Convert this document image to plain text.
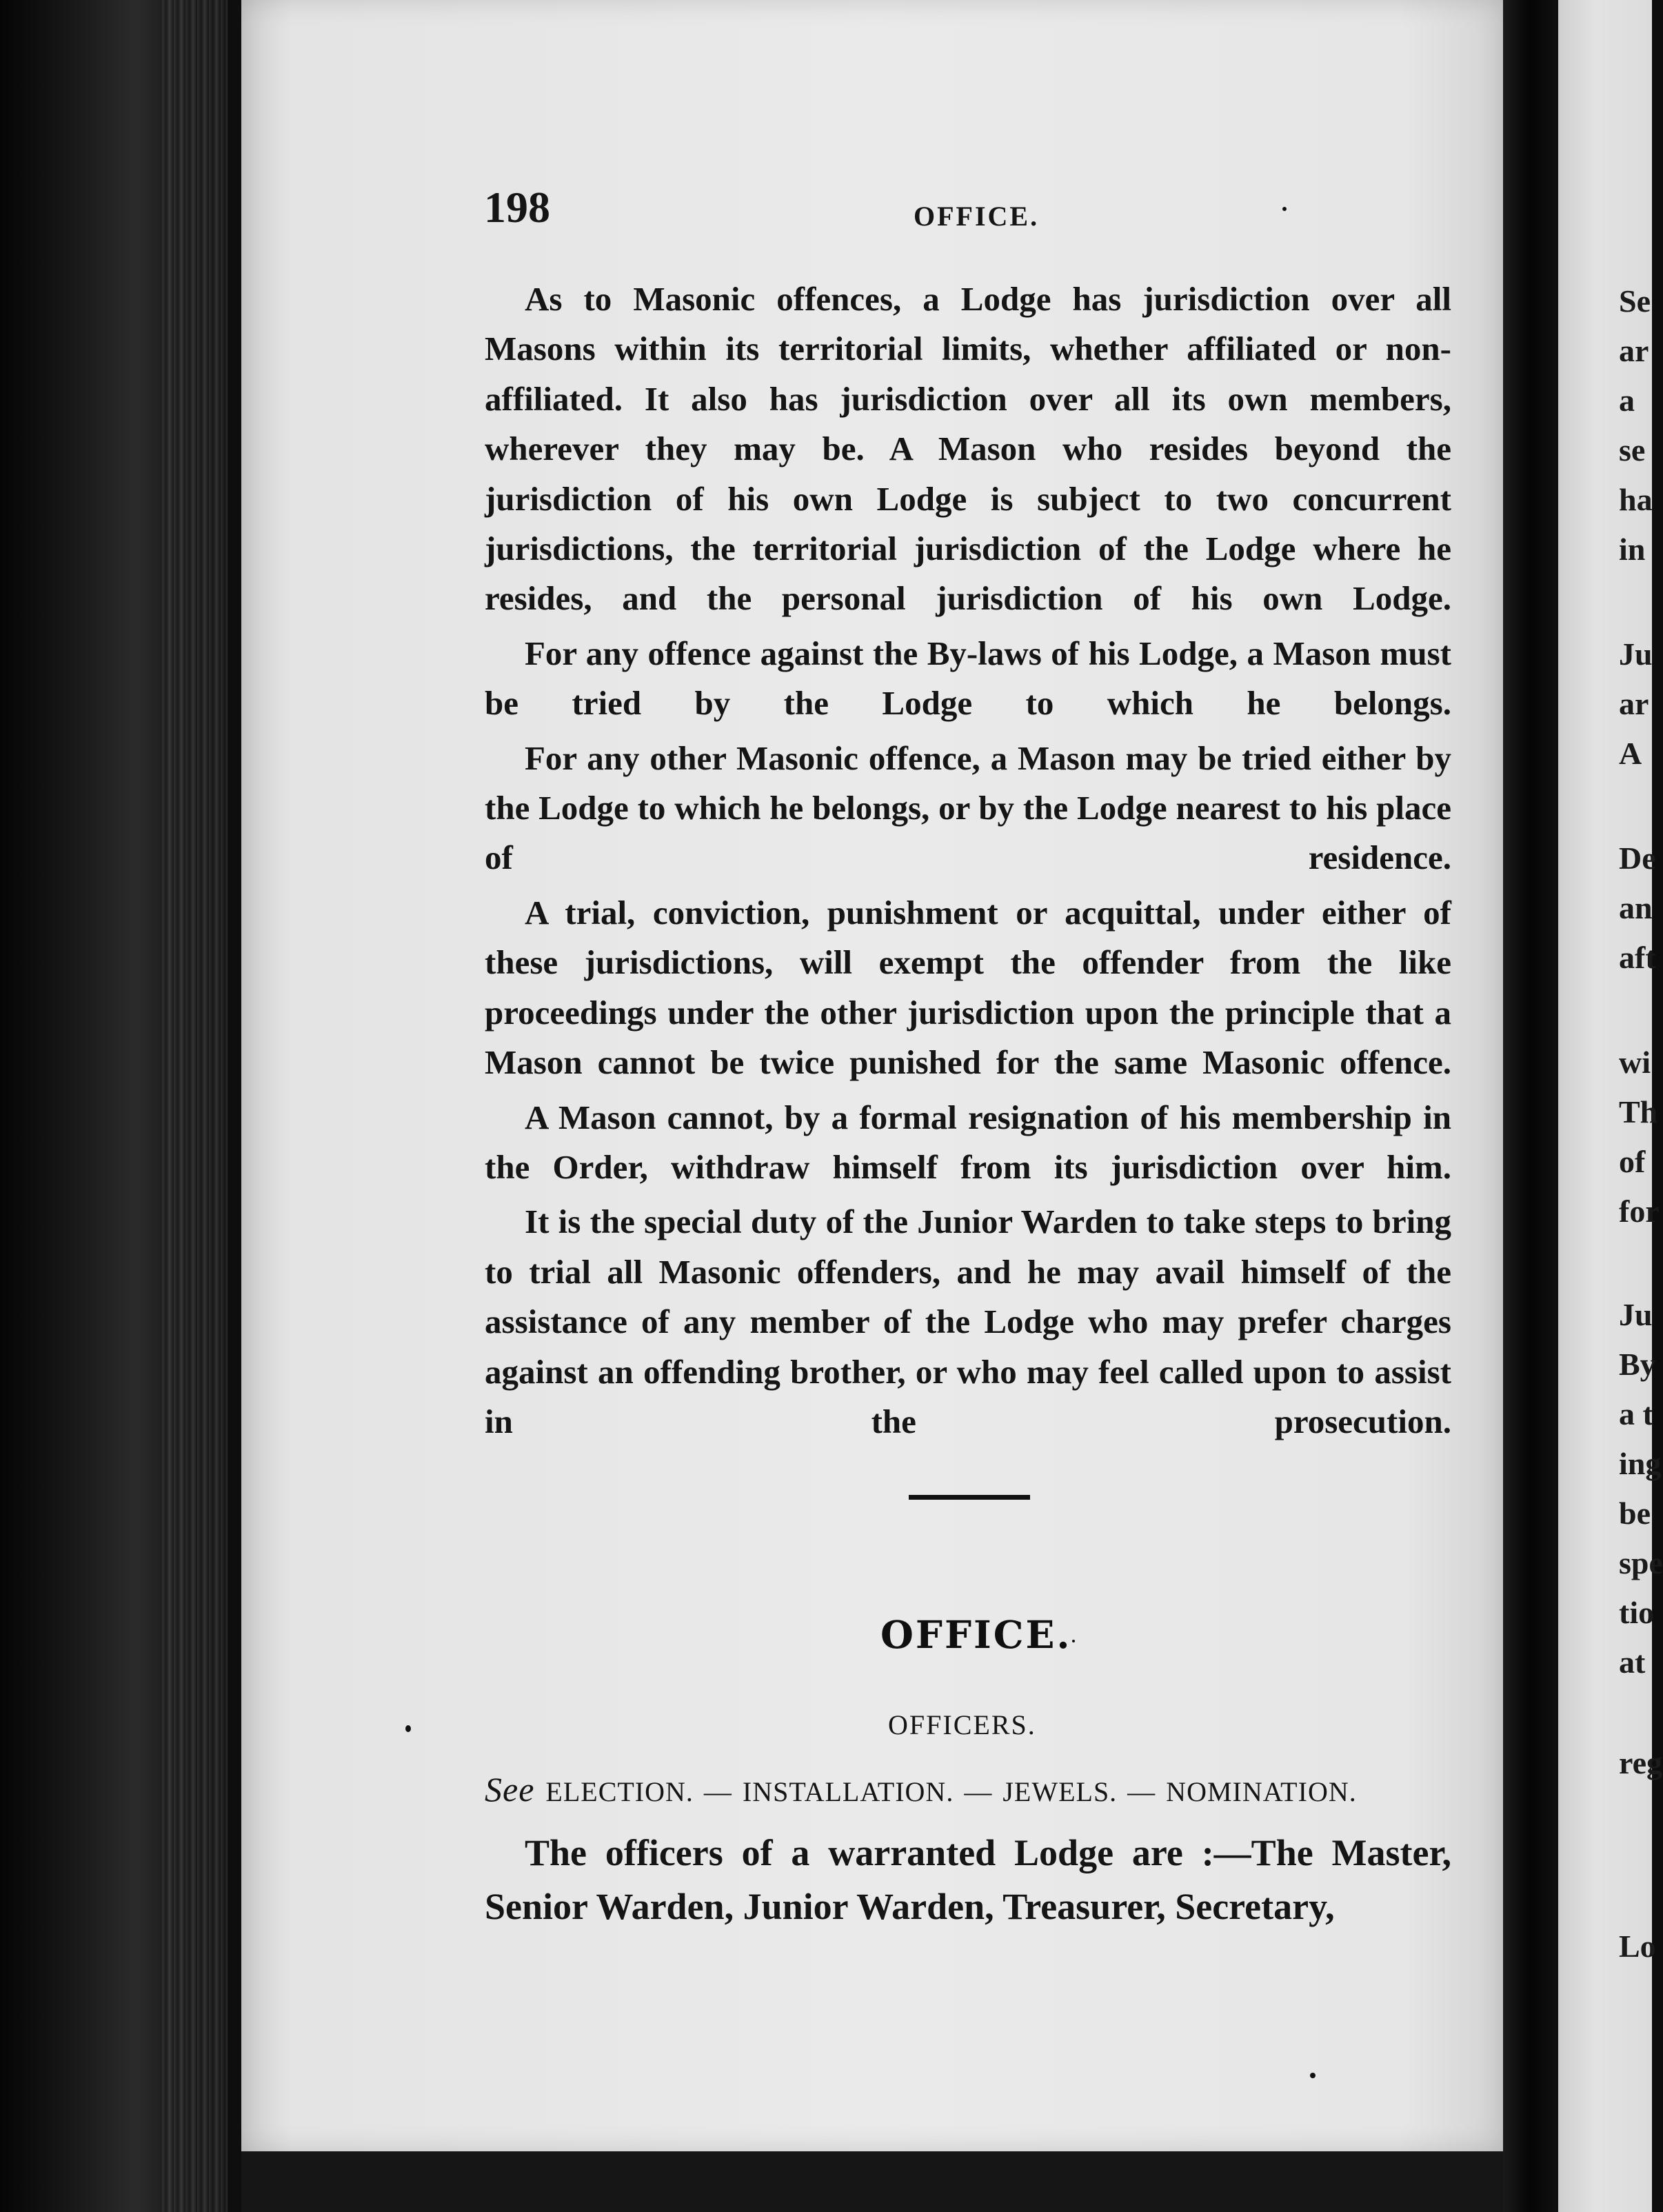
198	OFFICE.

As to Masonic offences, a Lodge has jurisdiction over all Masons within its territorial limits, whether affiliated or non-affiliated. It also has jurisdiction over all its own members, wherever they may be. A Mason who resides beyond the jurisdiction of his own Lodge is subject to two concurrent jurisdictions, the territorial jurisdiction of the Lodge where he resides, and the personal jurisdiction of his own Lodge.

For any offence against the By-laws of his Lodge, a Mason must be tried by the Lodge to which he belongs.

For any other Masonic offence, a Mason may be tried either by the Lodge to which he belongs, or by the Lodge nearest to his place of residence.

A trial, conviction, punishment or acquittal, under either of these jurisdictions, will exempt the offender from the like proceedings under the other jurisdiction upon the principle that a Mason cannot be twice punished for the same Masonic offence.

A Mason cannot, by a formal resignation of his membership in the Order, withdraw himself from its jurisdiction over him.

It is the special duty of the Junior Warden to take steps to bring to trial all Masonic offenders, and he may avail himself of the assistance of any member of the Lodge who may prefer charges against an offending brother, or who may feel called upon to assist in the prosecution.

OFFICE.
OFFICERS.
See ELECTION. — INSTALLATION. — JEWELS. — NOMINATION.

The officers of a warranted Lodge are :—The Master, Senior Warden, Junior Warden, Treasurer, Secretary,

Se
ar
a
se
ha
in
Ju
ar
A
De
an
aft
wi
Th
of
for
Ju
By
a t
ing
be
spe
tio
at
reg
Lo
